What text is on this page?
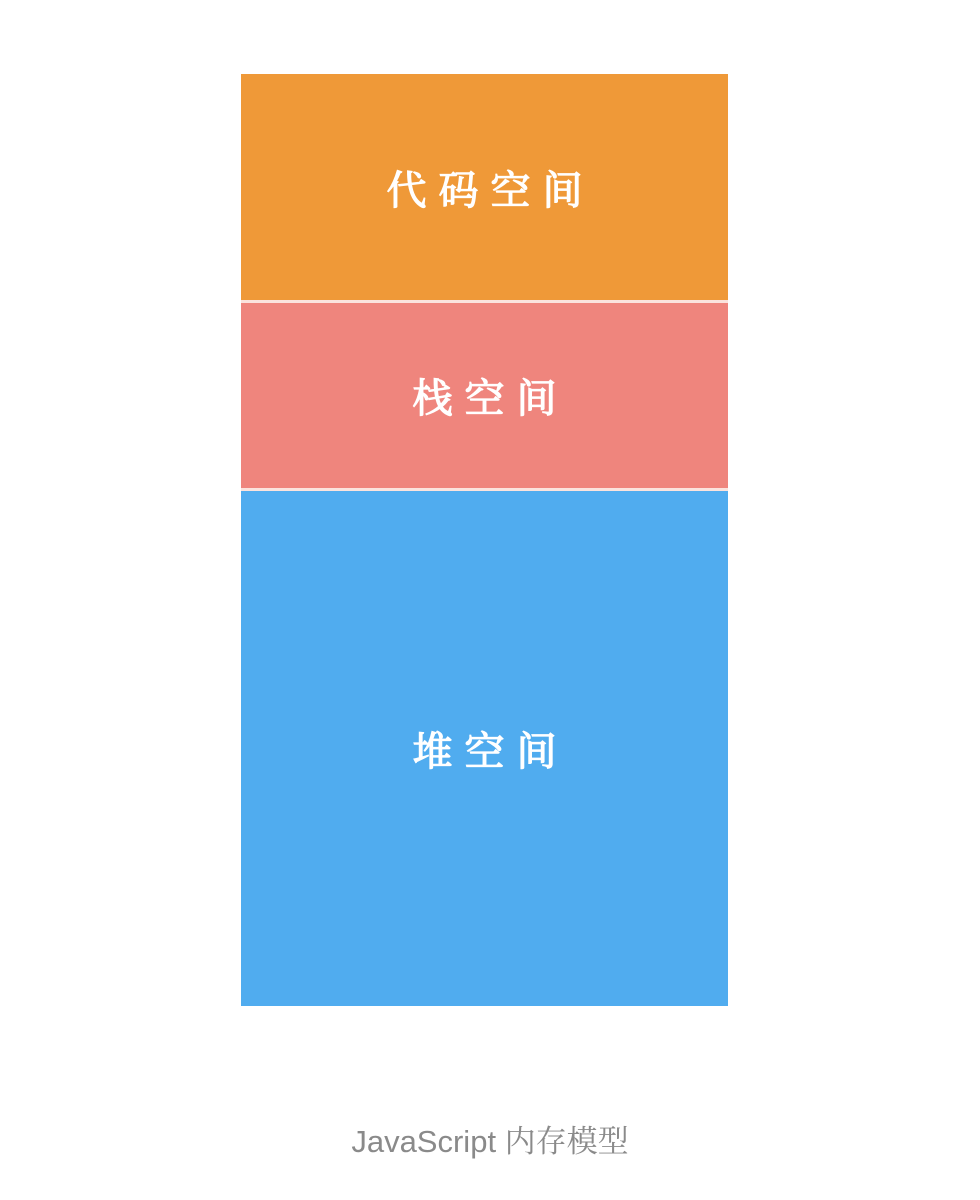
代码空间
栈空间
堆空间
JavaScript 内存模型
